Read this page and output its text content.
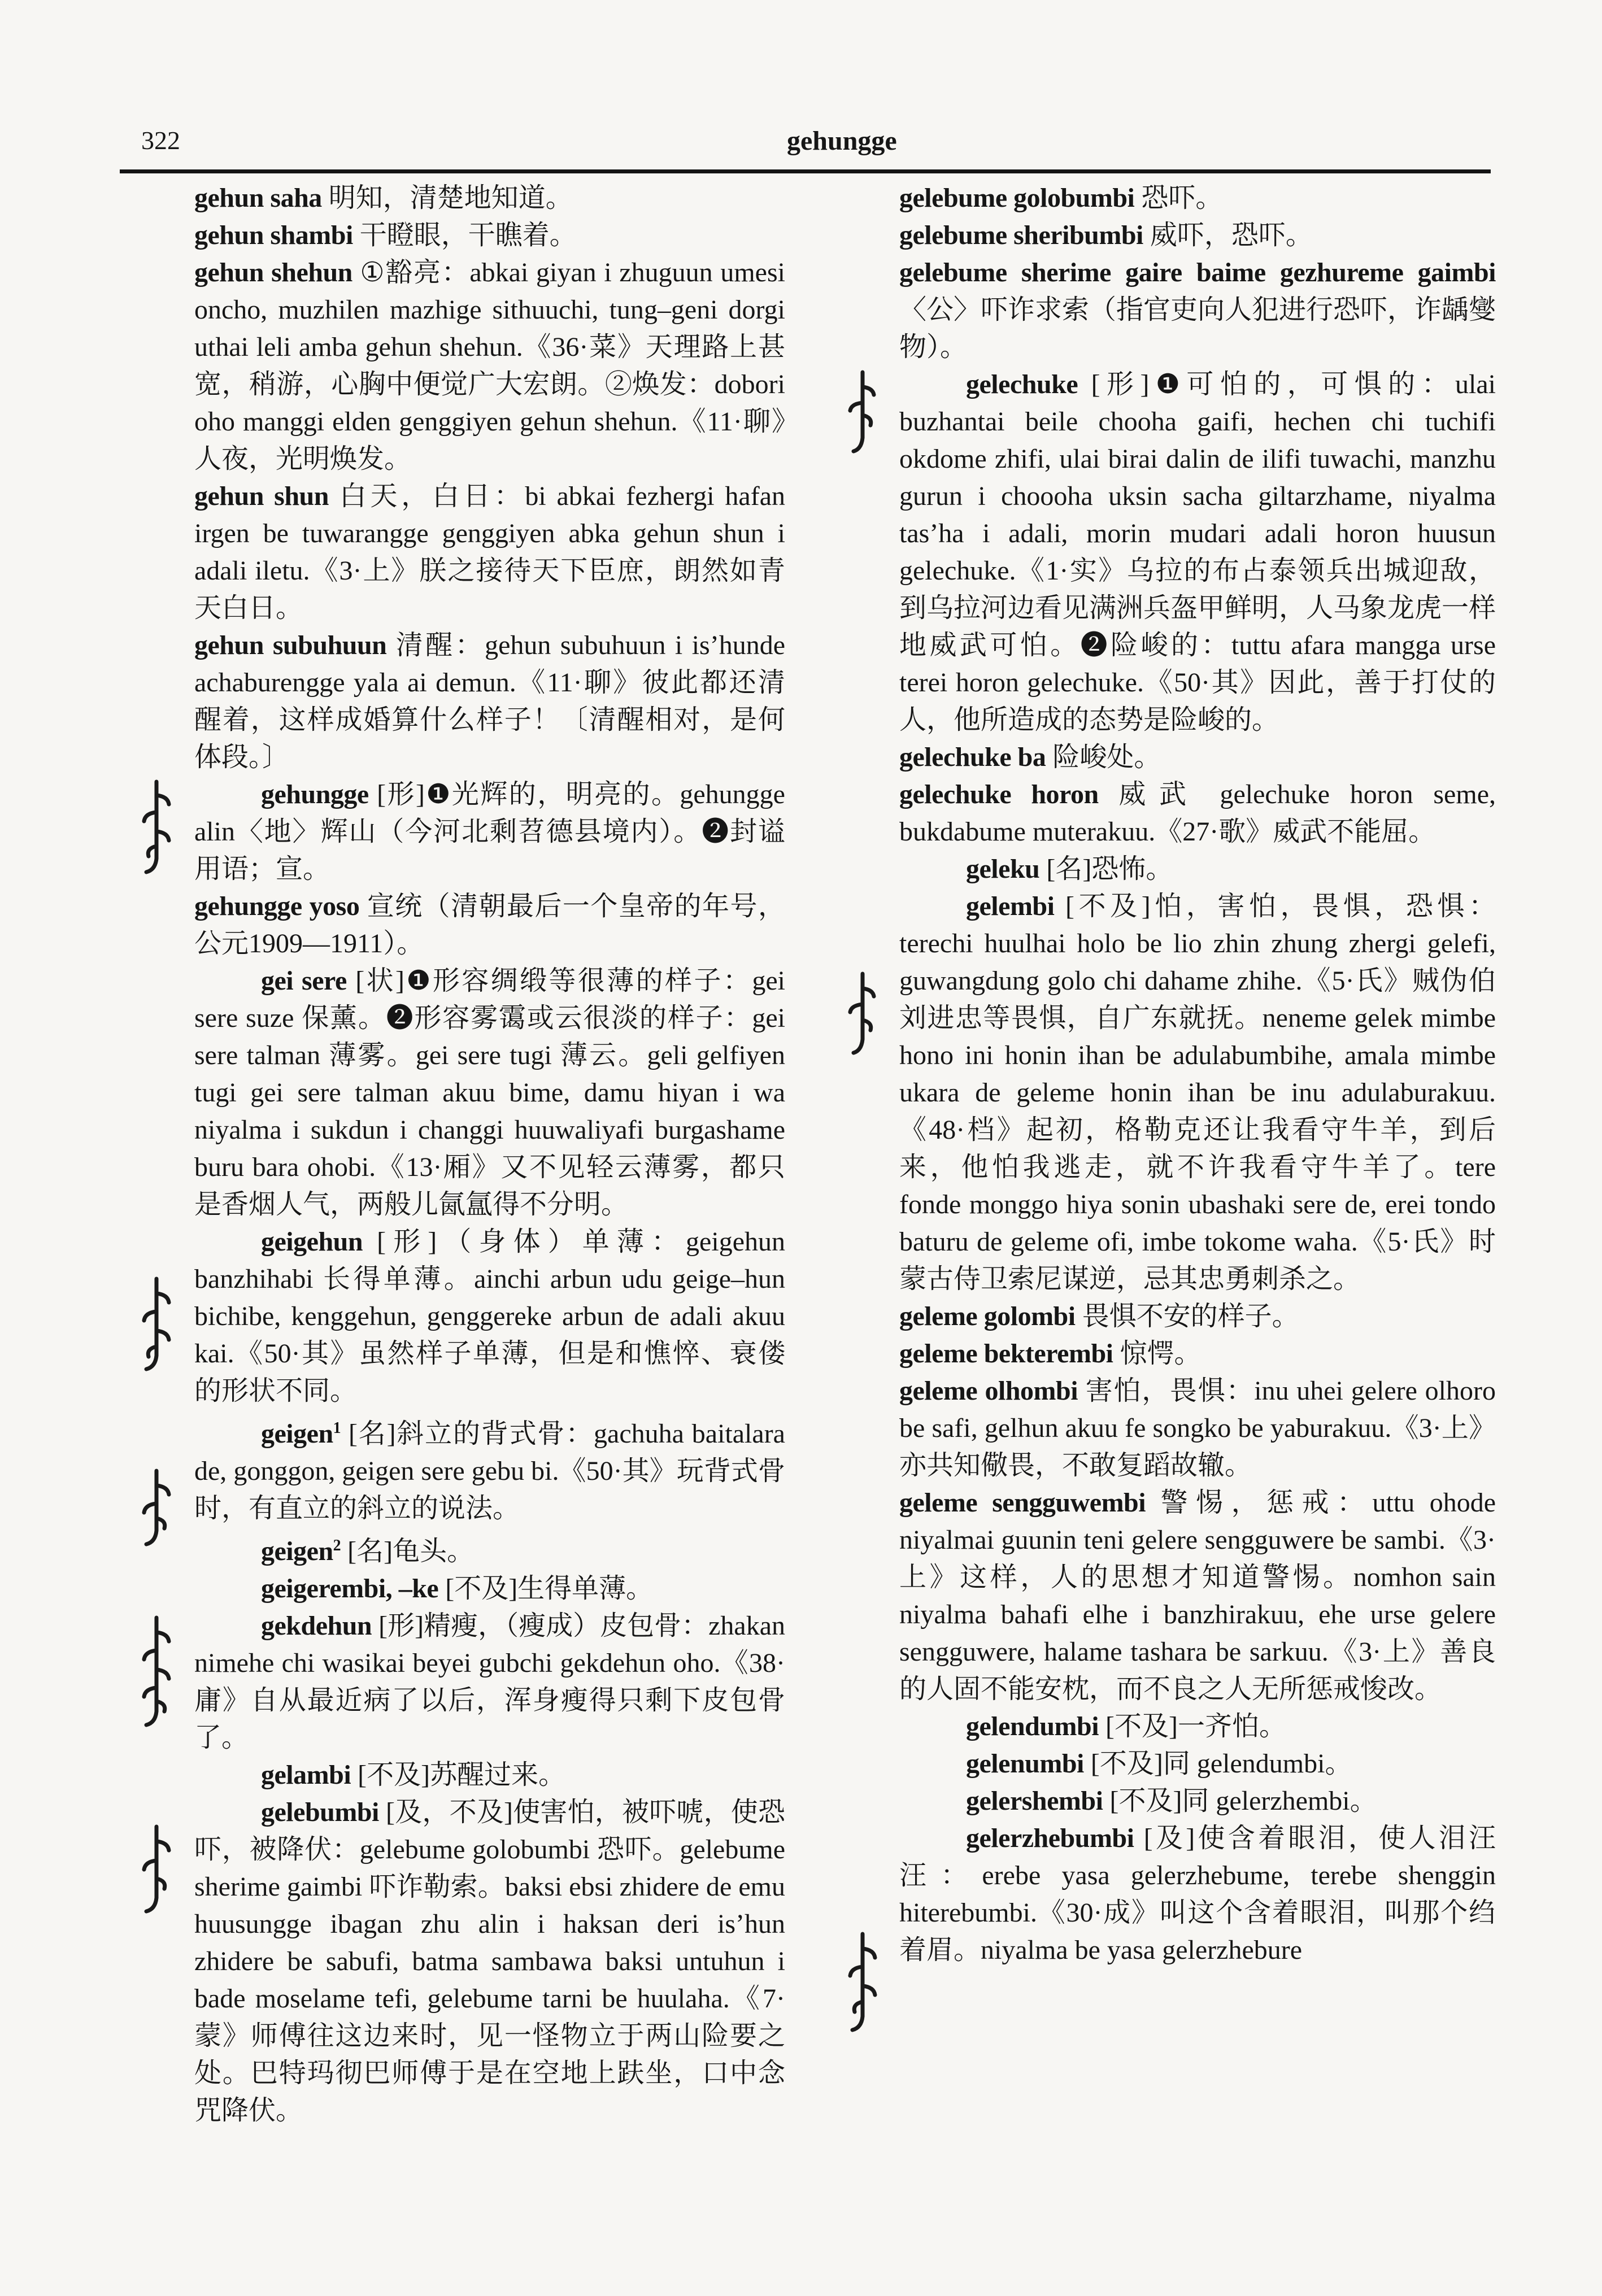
322	gehungge
gehun saha 明知，清楚地知道。
gehun shambi 干瞪眼，干瞧着。
gehun shehun ①豁亮：abkai giyan i zhuguun umesi oncho, muzhilen mazhige sithuuchi, tung–geni dorgi uthai leli amba gehun shehun.《36·菜》天理路上甚宽，稍游，心胸中便觉广大宏朗。②焕发：dobori oho manggi elden genggiyen gehun shehun.《11·聊》人夜，光明焕发。
gehun shun 白天，白日：bi abkai fezhergi hafan irgen be tuwarangge genggiyen abka gehun shun i adali iletu.《3·上》朕之接待天下臣庶，朗然如青天白日。
gehun subuhuun 清醒：gehun subuhuun i is’hunde achaburengge yala ai demun.《11·聊》彼此都还清醒着，这样成婚算什么样子！〔清醒相对，是何体段。〕
gehungge [形]❶光辉的，明亮的。gehungge alin〈地〉辉山（今河北剩苕德县境内）。❷封谥用语；宣。
gehungge yoso 宣统（清朝最后一个皇帝的年号，公元1909—1911）。
gei sere [状]❶形容绸缎等很薄的样子：gei sere suze 保薰。❷形容雾霭或云很淡的样子：gei sere talman 薄雾。gei sere tugi 薄云。geli gelfiyen tugi gei sere talman akuu bime, damu hiyan i wa niyalma i sukdun i changgi huuwaliyafi burgashame buru bara ohobi.《13·厢》又不见轻云薄雾，都只是香烟人气，两般儿氤氲得不分明。
geigehun [形]（身体）单薄：geigehun banzhihabi 长得单薄。ainchi arbun udu geige–hun bichibe, kenggehun, genggereke arbun de adali akuu kai.《50·其》虽然样子单薄，但是和憔悴、衰偻的形状不同。
geigen$^1$ [名]斜立的背式骨：gachuha baitalara de, gonggon, geigen sere gebu bi.《50·其》玩背式骨时，有直立的斜立的说法。
geigen$^2$ [名]龟头。
geigerembi, –ke [不及]生得单薄。
gekdehun [形]精瘦，（瘦成）皮包骨：zhakan nimehe chi wasikai beyei gubchi gekdehun oho.《38·庸》自从最近病了以后，浑身瘦得只剩下皮包骨了。
gelambi [不及]苏醒过来。
gelebumbi [及，不及]使害怕，被吓唬，使恐吓，被降伏：gelebume golobumbi 恐吓。gelebume sherime gaimbi 吓诈勒索。baksi ebsi zhidere de emu huusungge ibagan zhu alin i haksan deri is’hun zhidere be sabufi, batma sambawa baksi untuhun i bade moselame tefi, gelebume tarni be huulaha.《7·蒙》师傅往这边来时，见一怪物立于两山险要之处。巴特玛彻巴师傅于是在空地上趺坐，口中念咒降伏。
gelebume golobumbi 恐吓。
gelebume sheribumbi 威吓，恐吓。
gelebume sherime gaire baime gezhureme gaimbi 〈公〉吓诈求索（指官吏向人犯进行恐吓，诈龋燮物）。
gelechuke [形]❶可怕的，可惧的：ulai buzhantai beile chooha gaifi, hechen chi tuchifi okdome zhifi, ulai birai dalin de ilifi tuwachi, manzhu gurun i choooha uksin sacha giltarzhame, niyalma tas’ha i adali, morin mudari adali horon huusun gelechuke.《1·实》乌拉的布占泰领兵出城迎敌，到乌拉河边看见满洲兵盔甲鲜明，人马象龙虎一样地威武可怕。❷险峻的：tuttu afara mangga urse terei horon gelechuke.《50·其》因此，善于打仗的人，他所造成的态势是险峻的。
gelechuke ba 险峻处。
gelechuke horon 威武 gelechuke horon seme, bukdabume muterakuu.《27·歌》威武不能屈。
geleku [名]恐怖。
gelembi [不及]怕，害怕，畏惧，恐惧：terechi huulhai holo be lio zhin zhung zhergi gelefi, guwangdung golo chi dahame zhihe.《5·氏》贼伪伯刘进忠等畏惧，自广东就抚。neneme gelek mimbe hono ini honin ihan be adulabumbihe, amala mimbe ukara de geleme honin ihan be inu adulaburakuu.《48·档》起初，格勒克还让我看守牛羊，到后来，他怕我逃走，就不许我看守牛羊了。tere fonde monggo hiya sonin ubashaki sere de, erei tondo baturu de geleme ofi, imbe tokome waha.《5·氏》时蒙古侍卫索尼谋逆，忌其忠勇刺杀之。
geleme golombi 畏惧不安的样子。
geleme bekterembi 惊愕。
geleme olhombi 害怕，畏惧：inu uhei gelere olhoro be safi, gelhun akuu fe songko be yaburakuu.《3·上》亦共知儆畏，不敢复蹈故辙。
geleme sengguwembi 警惕，惩戒：uttu ohode niyalmai guunin teni gelere sengguwere be sambi.《3·上》这样，人的思想才知道警惕。nomhon sain niyalma bahafi elhe i banzhirakuu, ehe urse gelere sengguwere, halame tashara be sarkuu.《3·上》善良的人固不能安枕，而不良之人无所惩戒悛改。
gelendumbi [不及]一齐怕。
gelenumbi [不及]同 gelendumbi。
gelershembi [不及]同 gelerzhembi。
gelerzhebumbi [及]使含着眼泪，使人泪汪汪：erebe yasa gelerzhebume, terebe shenggin hiterebumbi.《30·成》叫这个含着眼泪，叫那个绉着眉。niyalma be yasa gelerzhebure
